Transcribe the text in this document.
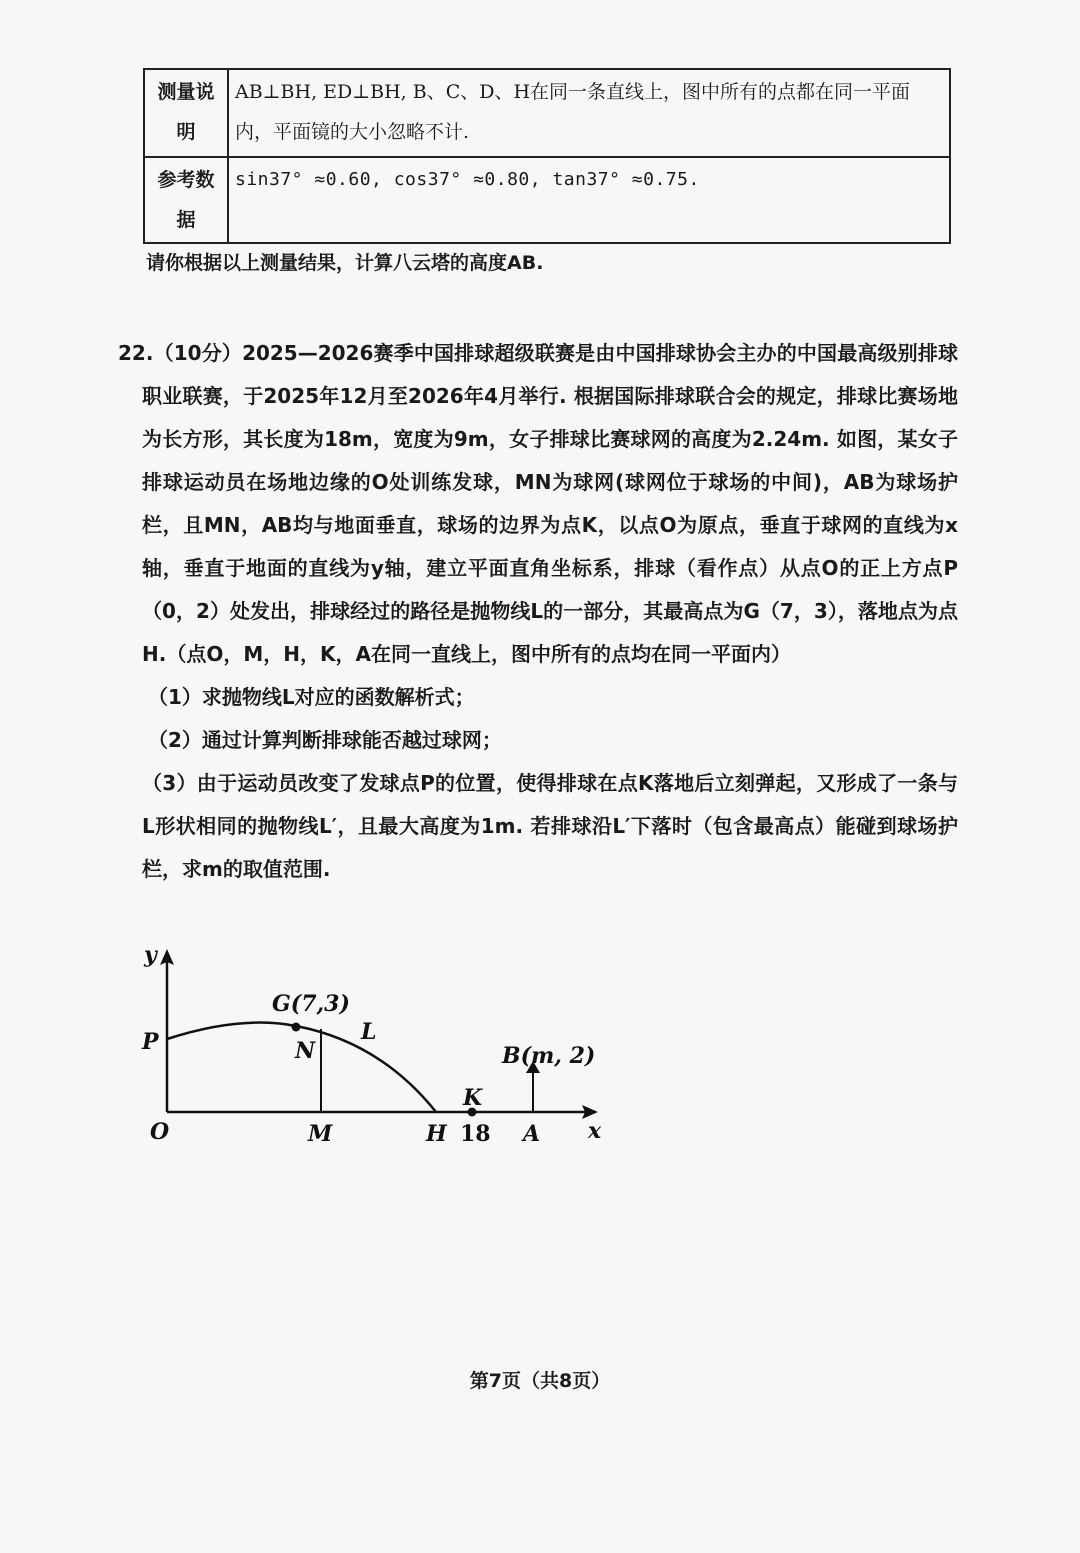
测量说明	AB⊥BH, ED⊥BH, B、C、D、H在同一条直线上，图中所有的点都在同一平面
内，平面镜的大小忽略不计.

参考数据	sin37° ≈0.60, cos37° ≈0.80, tan37° ≈0.75.
请你根据以上测量结果，计算八云塔的高度AB.

22.（10分）2025—2026赛季中国排球超级联赛是由中国排球协会主办的中国最高级别排球职业联赛，于2025年12月至2026年4月举行. 根据国际排球联合会的规定，排球比赛场地为长方形，其长度为18m，宽度为9m，女子排球比赛球网的高度为2.24m. 如图，某女子排球运动员在场地边缘的O处训练发球，MN为球网(球网位于球场的中间)，AB为球场护栏，且MN，AB均与地面垂直，球场的边界为点K，以点O为原点，垂直于球网的直线为x轴，垂直于地面的直线为y轴，建立平面直角坐标系，排球（看作点）从点O的正上方点P（0，2）处发出，排球经过的路径是抛物线L的一部分，其最高点为G（7，3），落地点为点H.（点O，M，H，K，A在同一直线上，图中所有的点均在同一平面内）

（1）求抛物线L对应的函数解析式；

（2）通过计算判断排球能否越过球网；

（3）由于运动员改变了发球点P的位置，使得排球在点K落地后立刻弹起，又形成了一条与L形状相同的抛物线L′，且最大高度为1m. 若排球沿L′下落时（包含最高点）能碰到球场护栏，求m的取值范围.

y
P
O
G(7,3)
N
L
M	H
K
18 A
B(m, 2)
x
第7页（共8页）
